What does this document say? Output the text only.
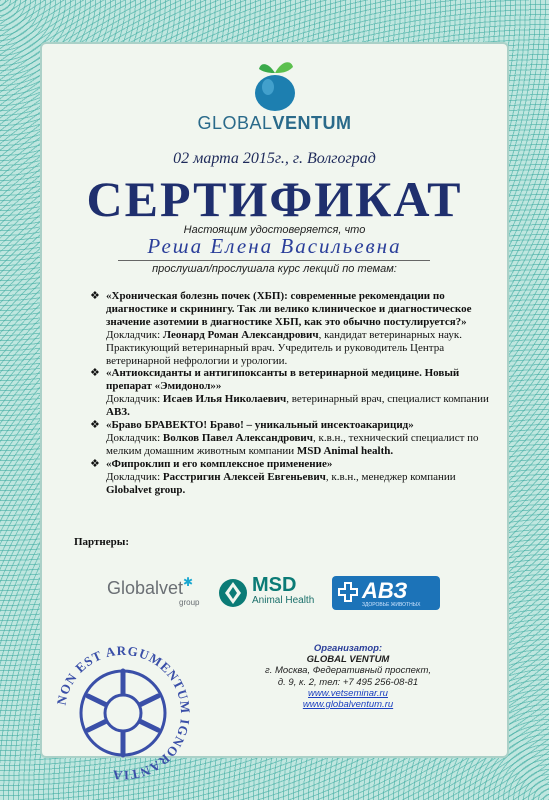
GLOBALVENTUM
02 марта 2015г., г. Волгоград
СЕРТИФИКАТ
Настоящим удостоверяется, что
Реша Елена Васильевна
прослушал/прослушала курс лекций по темам:
❖ «Хроническая болезнь почек (ХБП): современные рекомендации по диагностике и скринингу. Так ли велико клиническое и диагностическое значение азотемии в диагностике ХБП, как это обычно постулируется?»
Докладчик: Леонард Роман Александрович, кандидат ветеринарных наук. Практикующий ветеринарный врач. Учредитель и руководитель Центра ветеринарной нефрологии и урологии.
❖ «Антиоксиданты и антигипоксанты в ветеринарной медицине. Новый препарат «Эмидонол»»
Докладчик: Исаев Илья Николаевич, ветеринарный врач, специалист компании АВЗ.
❖ «Браво БРАВЕКТО! Браво! – уникальный инсектоакарицид»
Докладчик: Волков Павел Александрович, к.в.н., технический специалист по мелким домашним животным компании MSD Animal health.
❖ «Фипроклип и его комплексное применение»
Докладчик: Расстригин Алексей Евгеньевич, к.в.н., менеджер компании Globalvet group.
Партнеры:
Globalvet✱
group
MSD
Animal Health АВЗ
ЗДОРОВЬЕ ЖИВОТНЫХ
Организатор:
GLOBAL VENTUM
г. Москва, Федеративный проспект,
д. 9, к. 2, тел: +7 495 256-08-81
www.vetseminar.ru
www.globalventum.ru
NON EST ARGUMENTUM IGNORANTIA
